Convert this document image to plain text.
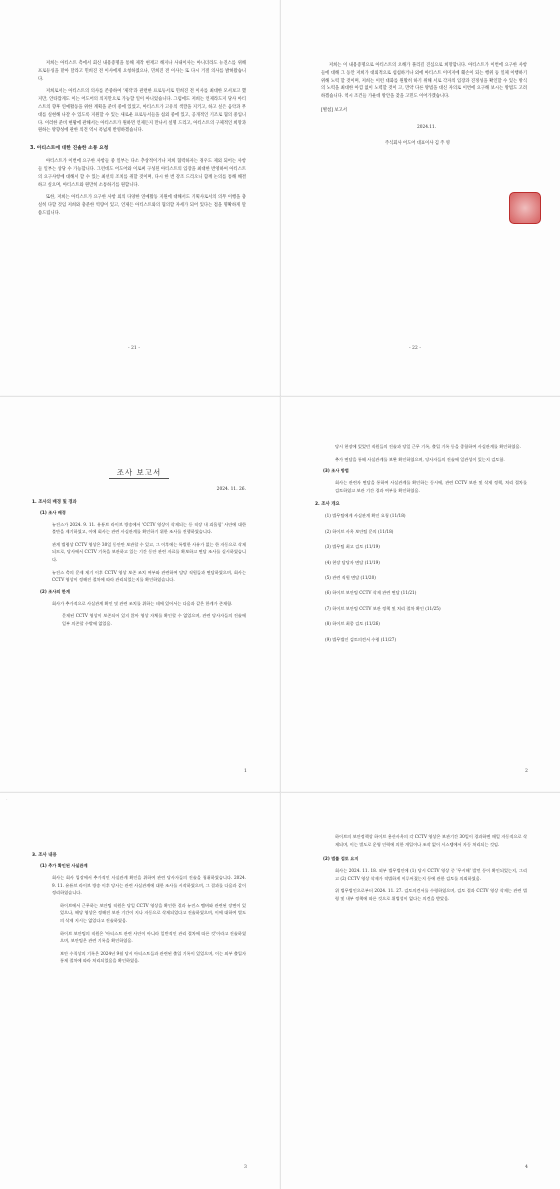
저희는 아티스트 측에서 회신 내용증명을 통해 제작 현재고 해지나 사내이사는 아니더라도 뉴진스를 위해 프로듀싱을 맡아 달라고 민희진 전 이사에게 요청하였으나, 민희진 전 이사는 또 다시 거절 의사를 밝혀왔습니다.

저희로서는 아티스트의 의사를 존중하여 '제작'과 관련한 프로듀서로 민희진 전 이사를 최대한 모셔보고 했지만, 안타깝게도 이는 어도어의 의지만으로 가능할 일이 아니었습니다. 그럼에도 저희는 언제라도지 당사 아티스트의 향후 연예활동을 위한 계획을 준비 중에 있었고, 아티스트가 고유의 색깔을 지키고, 하고 싶은 음악과 무대를 실현해 나갈 수 있도록 지원할 수 있는 새로운 프로듀서들을 섭외 중에 있고, 공개적인 기조로 협의 중입니다. 이러한 준비 현황에 관해서는 아티스트가 원하면 언제든지 만나서 설명 드리고, 아티스트의 구체적인 희망과 원하는 방향성에 관한 의견 역시 폭넓게 반영하겠습니다.

3. 아티스트에 대한 진솔한 소통 요청

아티스트가 이번에 요구한 사항들 중 일부는 다소 추상적이거나 저희 협력하자는 경우도 제외 되어는 사항들 일부는 상당 수 가능합니다. 그런데도 어도어와 이로써 구성된 아티스트의 입장을 최대한 반영하여 아티스트의 요구사항에 대해서 할 수 있는 최선의 조치를 취할 것이며, 다시 한 번 강조 드리오니 함께 논의를 통해 해결하고 싶으며, 아티스트와 원만히 소통하기를 원합니다.

또한, 저희는 아티스트가 요구한 사항 외의 다양한 연예활동 지원에 대해서도 기획사로서의 의무 이행을 충실히 다할 것임 저희와 충분한 역량이 있고, 언제든 아티스트와의 협의할 자세가 되어 있다는 점을 명확하게 말씀드립니다.

- 21 -

저희는 이 내용증명으로 아티스트의 오해가 풀리길 진심으로 희망합니다. 아티스트가 이번에 요구한 사항들에 대해 그 동안 저희가 대외적으로 섭섭하거나 외에 아티스트 이미지에 훼손이 되는 행위 등 일체 이행하기 위해 노력 할 것이며, 저희는 이런 대화를 원활히 하기 위해 서로 각자의 입장과 진정성을 확인할 수 있는 방식의 노력을 최대한 아낌 없이 노력할 것이 고, 만약 다른 방법을 대신 자의로 이번에 요구해 보시는 방법도 고려하겠습니다. 역시 조건들 가운데 방안을 찾을 고민도 이어가겠습니다.

[별첨] 보고서
2024.11.
주식회사 어도어 대표이사 김 주 영
- 22 -
조사 보고서
2024. 11. 26.
1. 조사의 배경 및 경과
(1) 조사 배경

뉴진스가 2024. 9. 11. 유튜브 라이브 방송에서 'CCTV 영상이 삭제되는 등 직장 내 괴롭힘' 사안에 대한 불만을 제기하였고, 이에 회사는 관련 사실관계를 확인하기 위한 조사를 진행하였습니다.

관계 법령상 CCTV 영상은 30일 동안만 보관할 수 있고, 그 이후에는 특별한 사유가 없는 한 자동으로 삭제되므로, 당사에서 CCTV 기록을 보관하고 있는 기간 동안 관련 자료를 확보하고 면담 조사를 실시하였습니다.

뉴진스 측의 문제 제기 이후 CCTV 영상 보존 조치 여부와 관련하여 담당 직원들과 면담하였으며, 회사는 CCTV 영상이 정해진 절차에 따라 관리되었는지를 확인하였습니다.

(2) 조사의 한계

회사가 추가적으로 사실관계 확인 및 관련 조치를 위하는 데에 있어서는 다음과 같은 한계가 존재함.

문제된 CCTV 영상이 보존되어 있지 않아 영상 자체를 확인할 수 없었으며, 관련 당사자들의 진술에 일부 의존할 수밖에 없었음.

1

당시 현장에 있었던 직원들의 진술과 당일 근무 기록, 출입 기록 등을 종합하여 사실관계를 확인하였음.

추가 면담을 통해 사실관계를 보완 확인하였으며, 당사자들의 진술에 일관성이 있는지 검토함.

(3) 조사 방법

회사는 관련자 면담을 통하여 사실관계를 확인하는 동시에, 관련 CCTV 보관 및 삭제 정책, 처리 절차를 검토하였고 보관 기간 경과 여부를 확인하였음.

2. 조사 개요
(1) 법무팀에게 사실관계 확인 요청 (11/18)
(2) 하이브 사옥 보안팀 문의 (11/18)
(3) 법무팀 최고 검토 (11/19)
(4) 현장 담당자 면담 (11/19)
(5) 관련 직원 면담 (11/20)
(6) 하이브 보안팀 CCTV 삭제 관련 면담 (11/21)
(7) 하이브 보안팀 CCTV 보관 정책 및 처리 절차 확인 (11/25)
(8) 하이브 최종 검토 (11/26)
(9) 법무법인 검토의견서 수령 (11/27)
2
·
3. 조사 내용
(1) 추가 확인된 사실관계

회사는 회사 입장에서 추가적인 사실관계 확인을 위하여 관련 당사자들의 진술을 청취하였습니다. 2024. 9. 11. 유튜브 라이브 방송 이후 당사는 관련 사실관계에 대한 조사를 시작하였으며, 그 결과를 다음과 같이 정리하였습니다.

하이브에서 근무하는 보안팀 직원은 당일 CCTV 영상을 확인한 결과 뉴진스 멤버와 관련된 장면이 있었으나, 해당 영상은 정해진 보관 기간이 지나 자동으로 삭제되었다고 진술하였으며, 이에 대하여 별도의 삭제 지시는 없었다고 진술하였음.

하이브 보안팀의 직원은 '아티스트 관련 사안이 아니라 일반적인 관리 절차에 따른 것'이라고 진술하였으며, 보안팀은 관련 기록을 확인하였음.

보안 수칙상의 기록은 2024년 9월 당시 아티스트들과 관련된 출입 기록이 있었으며, 이는 외부 출입자 통제 절차에 따라 처리되었음을 확인하였음.

3

하이브의 보안정책상 하이브 용산사옥의 각 CCTV 영상은 보관기간 30일이 경과하면 매일 자동적으로 삭제되며, 이는 별도로 운영 인력에 의한 개입이나 조작 없이 시스템에서 자동 처리되는 것임.

(2) 법률 검토 요지

회사는 2024. 11. 18. 외부 법무법인에 (1) 당시 CCTV 영상 중 '무시해' 발언 등이 확인되었는지, 그리고 (2) CCTV 영상 삭제가 적법하게 이루어졌는지 등에 관한 검토를 의뢰하였음.

위 법무법인으로부터 2024. 11. 27. 검토의견서를 수령하였으며, 검토 결과 CCTV 영상 삭제는 관련 법령 및 내부 정책에 따른 것으로 위법성이 없다는 의견을 받았음.

4
